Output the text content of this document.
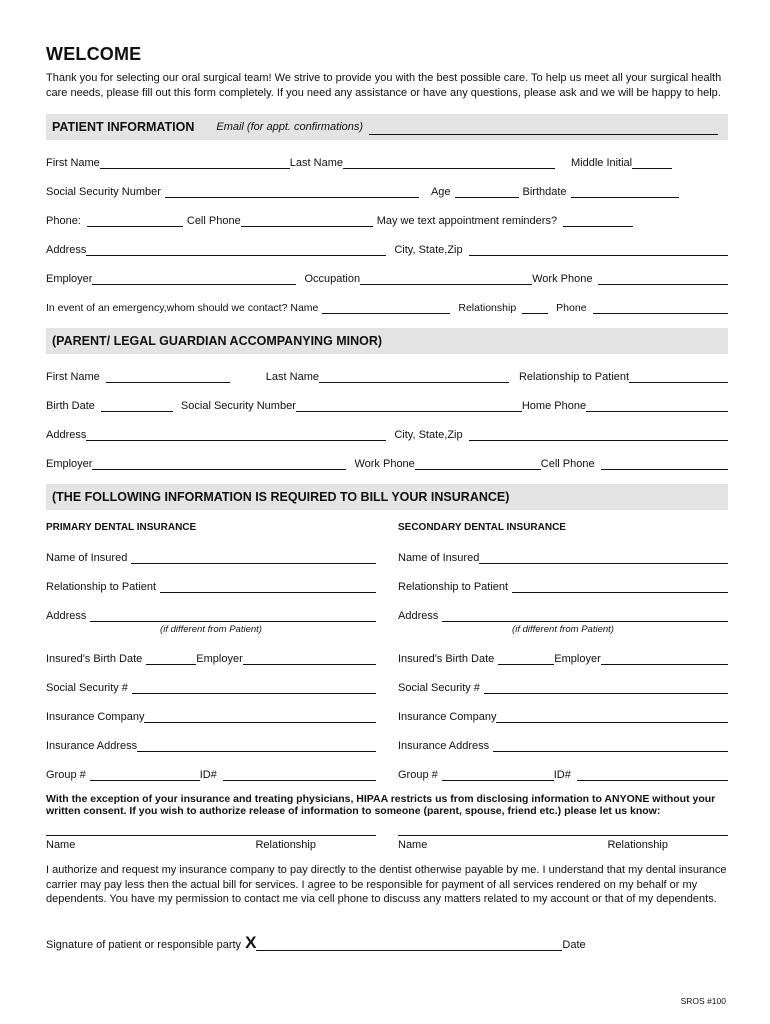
WELCOME

Thank you for selecting our oral surgical team! We strive to provide you with the best possible care. To help us meet all your surgical health care needs, please fill out this form completely. If you need any assistance or have any questions, please ask and we will be happy to help.

PATIENT INFORMATION Email (for appt. confirmations)
First Name	Last Name	Middle Initial
Social Security Number	Age	Birthdate
Phone:	Cell Phone	May we text appointment reminders?
Address	City, State,Zip
Employer	Occupation	Work Phone
In event of an emergency,whom should we contact? Name	Relationship	Phone
(PARENT/ LEGAL GUARDIAN ACCOMPANYING MINOR)
First Name	Last Name	Relationship to Patient
Birth Date	Social Security Number	Home Phone
Address	City, State,Zip
Employer	Work Phone	Cell Phone
(THE FOLLOWING INFORMATION IS REQUIRED TO BILL YOUR INSURANCE)
PRIMARY DENTAL INSURANCE
Name of Insured
Relationship to Patient
Address
(if different from Patient)
Insured's Birth Date	Employer
Social Security #
Insurance Company
Insurance Address
Group #	ID#
SECONDARY DENTAL INSURANCE
Name of Insured
Relationship to Patient
Address
(if different from Patient)
Insured's Birth Date	Employer
Social Security #
Insurance Company
Insurance Address
Group #	ID#
With the exception of your insurance and treating physicians, HIPAA restricts us from disclosing information to ANYONE without your written consent. If you wish to authorize release of information to someone (parent, spouse, friend etc.) please let us know:
Name	Relationship	Name	Relationship
I authorize and request my insurance company to pay directly to the dentist otherwise payable by me. I understand that my dental insurance carrier may pay less then the actual bill for services. I agree to be responsible for payment of all services rendered on my behalf or my dependents. You have my permission to contact me via cell phone to discuss any matters related to my account or that of my dependents.
Signature of patient or responsible party X	Date
SROS #100
